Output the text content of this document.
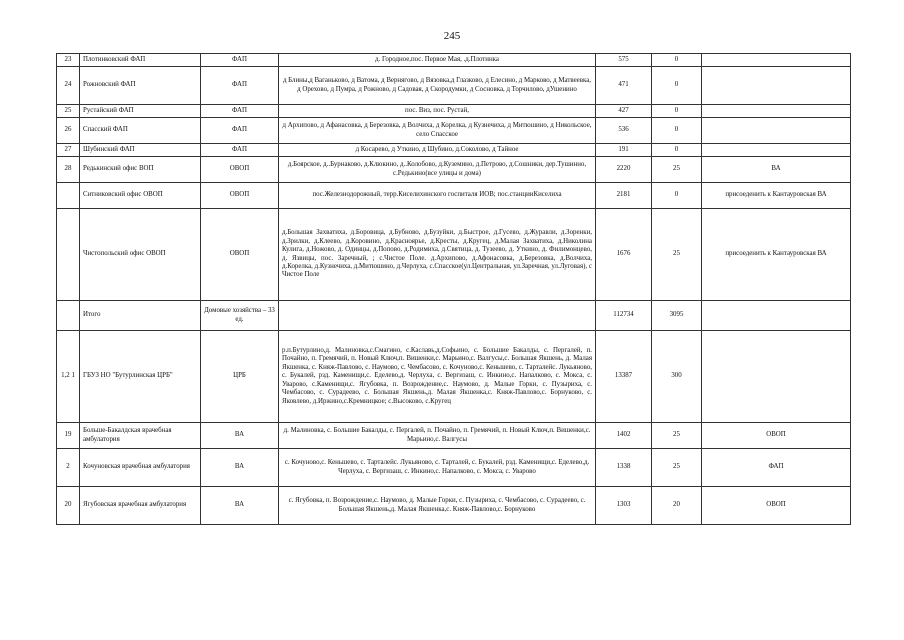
245
23	Плотинковский ФАП	ФАП	д. Городное,пос. Первое Мая, .д.Плотинка	575	0	
24	Рожновский ФАП	ФАП	д Блины,д Ваганьково, д Ватома, д Вернягово, д Вязовка,д Глазково, д Елесино, д Марково, д Матвеевка, д Орехово, д Пумра, д Рожново, д Садовая, д Скородумки, д Сосновка, д Торчилово, дУшенино	471	0	
25	Рустайский ФАП	ФАП	пос. Виз, пос. Рустай,	427	0	
26	Спасский ФАП	ФАП	д Архипово, д Афанасовка, д Березовка, д Волчиха, д Корелка, д Кузнечиха, д Митюшино, д Никольское, село Спасское	536	0	
27	Шубинский ФАП	ФАП	д Косарево, д Уткино, д Шубино, д.Соколово, д Тайное	191	0	
28	Редькинский офис ВОП	ОВОП	д.Боярское, д..Бурнаково, д.Клюкино, д..Колобово, д.Куземино, д.Петрово, д.Сошники, дер.Тушинно, с.Редькино(все улицы и дома)	2220	25	ВА
	Ситниковский офис ОВОП	ОВОП	пос.Железнодорожный, терр.Киселихинского госпиталя ИОВ; пос.станцииКиселиха	2181	0	присоеденить к Кантауровская ВА
	Чистопольский офис ОВОП	ОВОП	д.Большая Захватиха, д.Боровица, д.Бубново, д.Бузуйки, д.Быстрое, д.Гусево, д.Журавли, д.Зоренки, д.Зрилки, д.Клеево, д.Коровино, д.Красноярье, д.Кресты, д.Кругец, д.Малая Захватиха, д.Николина Кулига, д.Ножово, д. Одинцы, д.Попово, д.Родимиха, д.Святица, д. Тузеево, д. Уткино, д. Филимонцево, д. Язвицы, пос. Заречный, ; с.Чистое Поле. д.Архипово, д.Афонасовка, д.Березовка, д.Волчиха, д.Корелка, д.Кузнечиха, д.Митюшино, д.Черлуха, с.Спасское(ул.Центральная, ул.Заречная, ул.Луговая), с Чистое Поле	1676	25	присоеденить к Кантауровская ВА
	Итого	Домовые хозяйства – 33 ед.		112734	3095	
1,2 1	ГБУЗ НО "Бутурлинская ЦРБ"	ЦРБ	р.п.Бутурлино,д. Малиновка,с.Смагино, с.Каславь,д.Софьино, с. Большие Бакалды, с. Пергалей, п. Почайно, п. Гремячий, п. Новый Ключ,п. Вишенки,с. Марьино,с. Валгусы,с. Большая Якшень, д. Малая Якшенка, с. Княж-Павлово, с. Наумово, с. Чембасово, с. Кочуново,с. Кеньшево, с. Тарталейс. Лукьяново, с. Букалей, рзд. Каменищи,с. Еделево,д. Черлуха, с. Вергизаш, с. Инкино,с. Напалково, с. Мокса, с. Уварово, с.Каменищи,с. Ягубовка, п. Возрождение,с. Наумово, д. Малые Горки, с. Пузыриха, с. Чембасово, с. Сурадеево, с. Большая Якшень,д. Малая Якшенка,с. Княж-Павлово,с. Борнуково, с. Яковлево, д.Иржино,с.Кремницкое; с.Высоково, с.Кругец	13387	300	
19	Больше-Бакалдская врачебная амбулатория	ВА	д. Малиновка, с. Большие Бакалды, с. Пергалей, п. Почайно, п. Гремячий, п. Новый Ключ,п. Вишенки,с. Марьино,с. Валгусы	1402	25	ОВОП
2	Кочуновская врачебная амбулатория	ВА	с. Кочуново,с. Кеньшево, с. Тарталейс. Лукьяново, с. Тарталей, с. Букалей, рзд. Каменищи,с. Еделево,д. Черлуха, с. Вергизаш, с. Инкино,с. Напалково, с. Мокса, с. Уварово	1338	25	ФАП
20	Ягубовская врачебная амбулатория	ВА	с. Ягубовка, п. Возрождение,с. Наумово, д. Малые Горки, с. Пузыриха, с. Чембасово, с. Сурадеево, с. Большая Якшень,д. Малая Якшенка,с. Княж-Павлово,с. Борнуково	1303	20	ОВОП
